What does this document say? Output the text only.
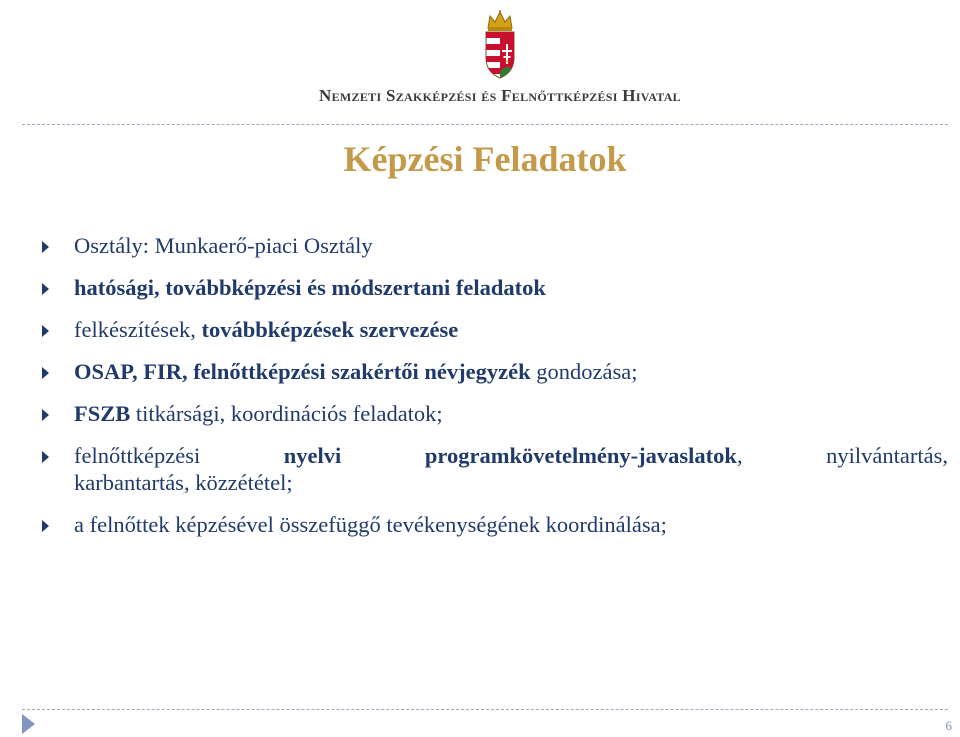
Nemzeti Szakképzési és Felnőttképzési Hivatal
Képzési Feladatok
Osztály: Munkaerő-piaci Osztály
hatósági, továbbképzési és módszertani feladatok
felkészítések, továbbképzések szervezése
OSAP, FIR, felnőttképzési szakértői névjegyzék gondozása;
FSZB titkársági, koordinációs feladatok;
felnőttképzési nyelvi programkövetelmény-javaslatok, nyilvántartás,
karbantartás, közzététel;
a felnőttek képzésével összefüggő tevékenységének koordinálása;
6
